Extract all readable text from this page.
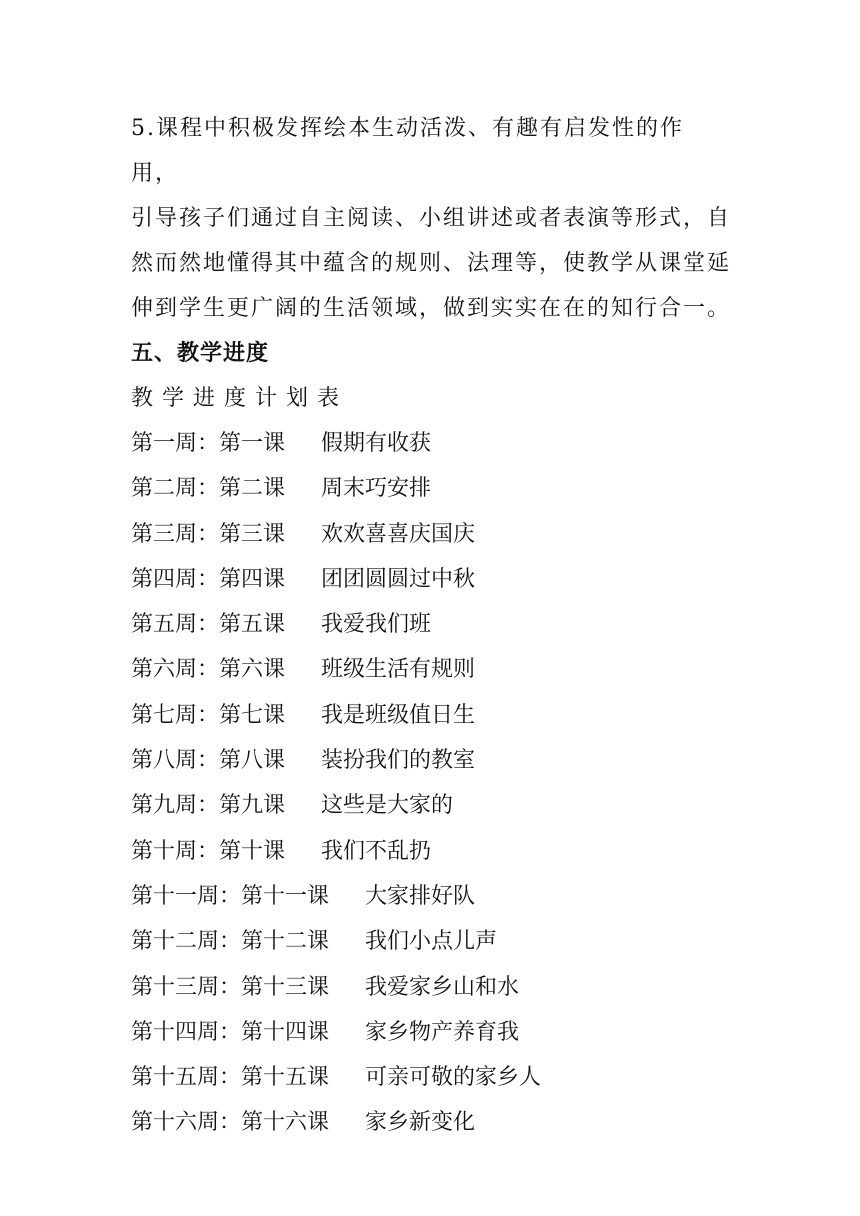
5.课程中积极发挥绘本生动活泼、有趣有启发性的作用，

引导孩子们通过自主阅读、小组讲述或者表演等形式，自

然而然地懂得其中蕴含的规则、法理等，使教学从课堂延

伸到学生更广阔的生活领域，做到实实在在的知行合一。

五、教学进度
教学进度计划表
第一周： 第一课 假期有收获
第二周： 第二课 周末巧安排
第三周： 第三课 欢欢喜喜庆国庆
第四周： 第四课 团团圆圆过中秋
第五周： 第五课 我爱我们班
第六周： 第六课 班级生活有规则
第七周： 第七课 我是班级值日生
第八周： 第八课 装扮我们的教室
第九周： 第九课 这些是大家的
第十周： 第十课 我们不乱扔
第十一周： 第十一课 大家排好队
第十二周： 第十二课 我们小点儿声
第十三周： 第十三课 我爱家乡山和水
第十四周： 第十四课 家乡物产养育我
第十五周： 第十五课 可亲可敬的家乡人
第十六周： 第十六课 家乡新变化
